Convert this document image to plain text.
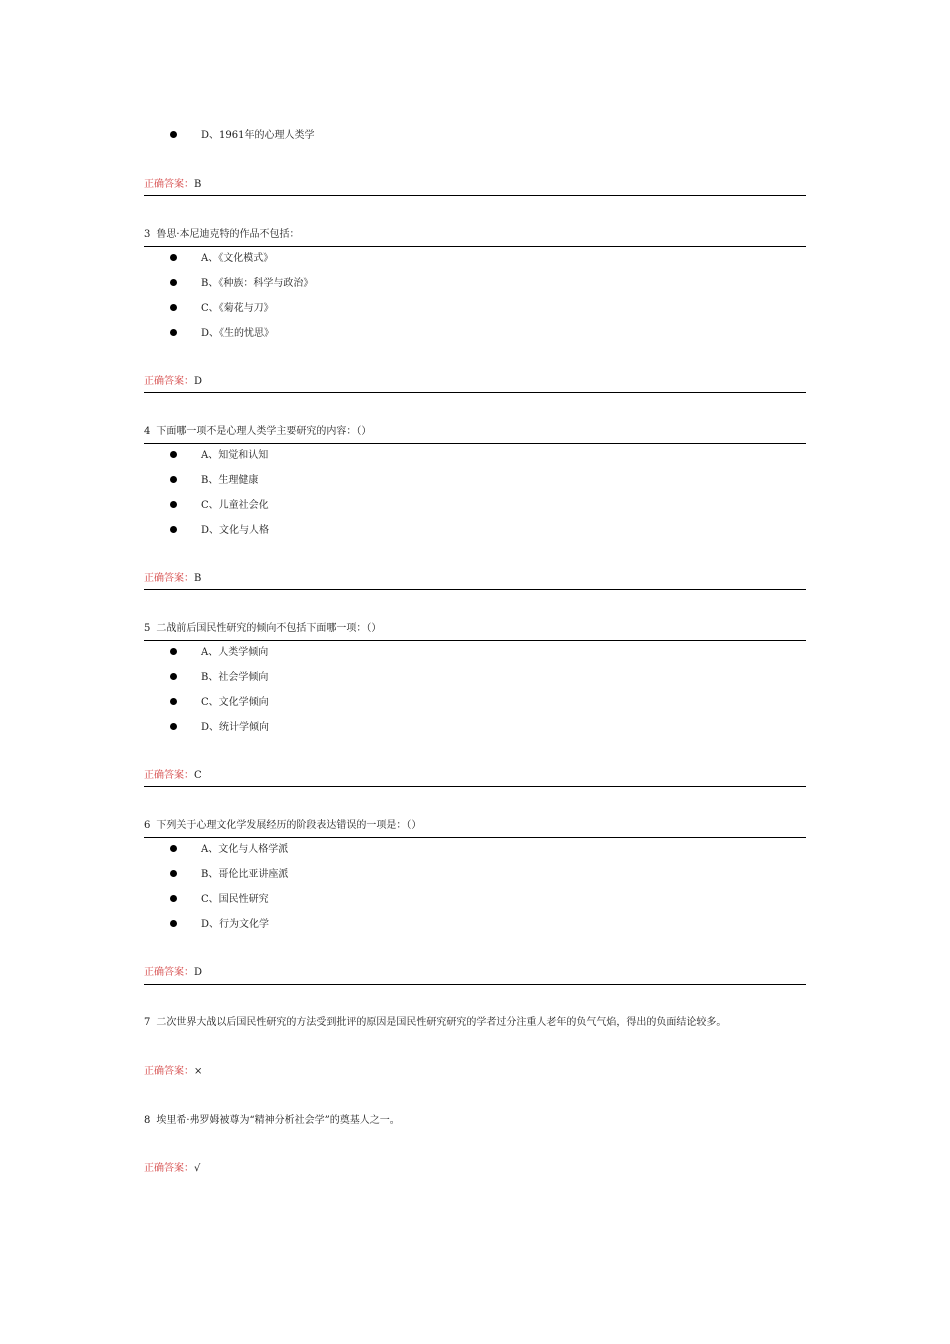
D、1961年的心理人类学
正确答案：B
3 鲁思·本尼迪克特的作品不包括：
A、《文化模式》
B、《种族：科学与政治》
C、《菊花与刀》
D、《生的忧思》
正确答案：D
4 下面哪一项不是心理人类学主要研究的内容：（）
A、知觉和认知
B、生理健康
C、儿童社会化
D、文化与人格
正确答案：B
5 二战前后国民性研究的倾向不包括下面哪一项：（）
A、人类学倾向
B、社会学倾向
C、文化学倾向
D、统计学倾向
正确答案：C
6 下列关于心理文化学发展经历的阶段表达错误的一项是：（）
A、文化与人格学派
B、哥伦比亚讲座派
C、国民性研究
D、行为文化学
正确答案：D
7 二次世界大战以后国民性研究的方法受到批评的原因是国民性研究研究的学者过分注重人老年的负气气焰，得出的负面结论较多。
正确答案：×
8 埃里希·弗罗姆被尊为“精神分析社会学”的奠基人之一。
正确答案：√
